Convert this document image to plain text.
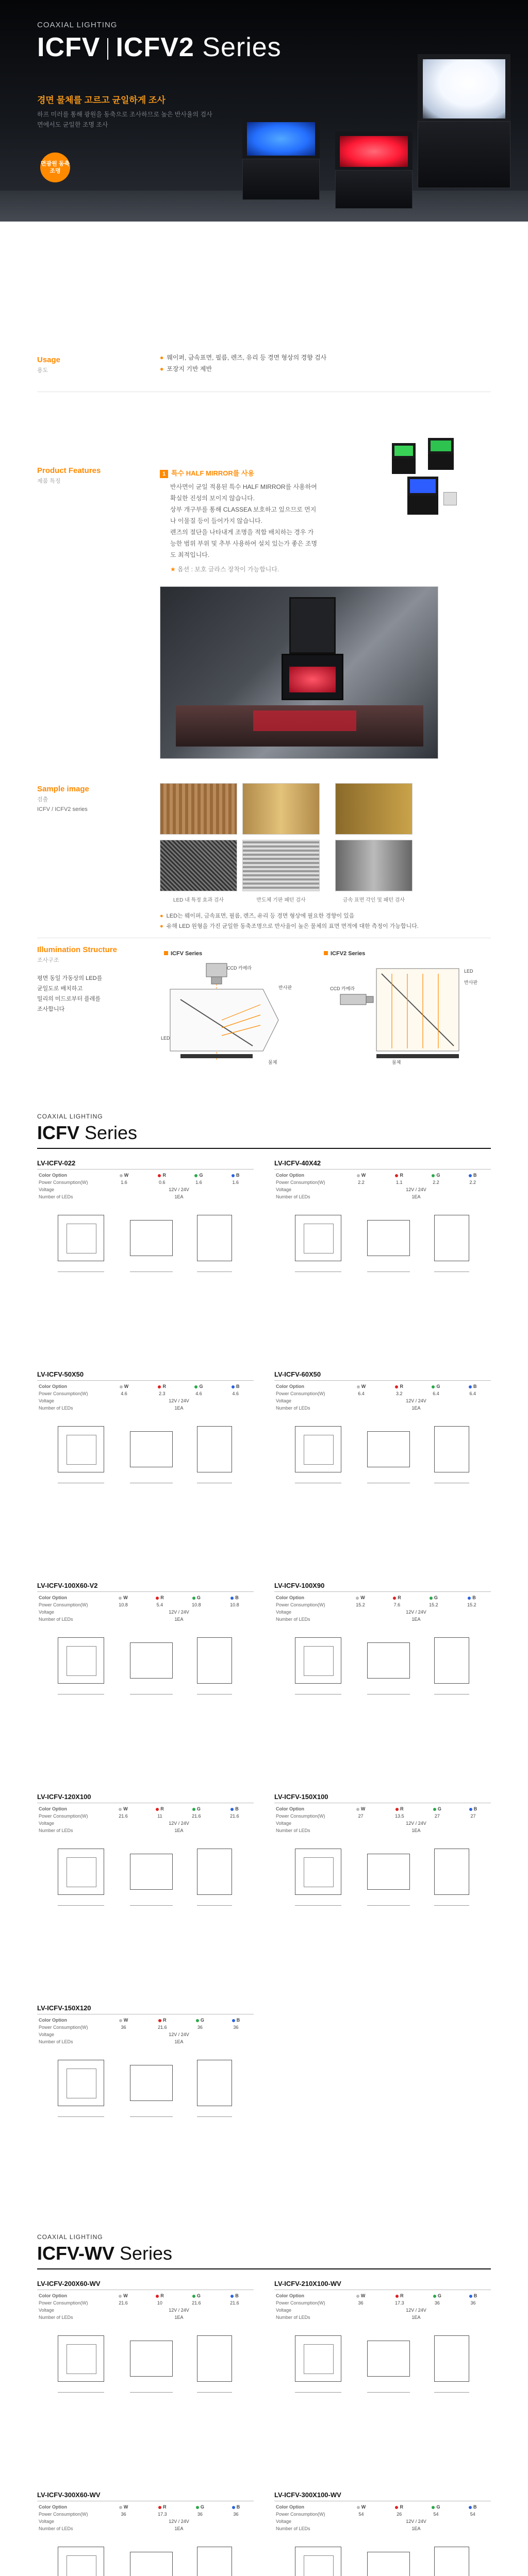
COAXIAL LIGHTING
ICFV ICFV2 Series
경면 물체를 고르고 균일하게 조사
하프 미러를 통해 광원을 동축으로 조사하므로 높은 반사율의 검사면에서도 균일한 조명 조사
면광원 동축조명
Usage
용도
● 웨이퍼, 금속표면, 필름, 렌즈, 유리 등 경면 형상의 경향 검사
● 포장지 기반 제반
Product Features
제품 특징
1 특수 HALF MIRROR를 사용
반사면이 균일 적용된 특수 HALF MIRROR를 사용하여
확실한 진성의 보이지 않습니다.
상부 개구부를 통해 CLASSEA 보호하고 있으므로 먼지
나 이물질 등이 들어가지 않습니다.
렌즈의 절단을 나타내게 조명을 적합 배치하는 경우 가
능한 범위 부위 및 추부 사용하여 설치 있는가 좋은 조명
도 최적입니다.
★ 옵션 : 보호 글라스 장착이 가능합니다.
Sample image
검출
ICFV / ICFV2 series
LED 내 특정 효과 검사	반도체 기판 패턴 검사	금속 표면 각인 및 패턴 검사
● LED는 웨이퍼, 금속표면, 필름, 렌즈, 유리 등 경면 형상에 필요한 경향이 있음
● 유해 LED 원형을 가진 균일한 동축조명으로 반사율이 높은 물체의 표면 면적에 대한 측정이 가능합니다.
Illumination Structure
조사구조
평면 동일 가동상의 LED를
균일도로 배치하고
밀리의 미드로부터 플레를
조사합니다
ICFV Series	ICFV2 Series
CCD 카메라
반사판
LED
물체
CCD 카메라
LED
반사판
물체
COAXIAL LIGHTING
ICFV Series
LV-ICFV-022
Color Option	W	R	G	B
Power Consumption(W)	1.6	0.6	1.6	1.6
Voltage	12V / 24V			
Number of LEDs	1EA			
LV-ICFV-40X42
Color Option	W	R	G	B
Power Consumption(W)	2.2	1.1	2.2	2.2
Voltage	12V / 24V			
Number of LEDs	1EA			
LV-ICFV-50X50
Color Option	W	R	G	B
Power Consumption(W)	4.6	2.3	4.6	4.6
Voltage	12V / 24V			
Number of LEDs	1EA			
LV-ICFV-60X50
Color Option	W	R	G	B
Power Consumption(W)	6.4	3.2	6.4	6.4
Voltage	12V / 24V			
Number of LEDs	1EA			
LV-ICFV-100X60-V2
Color Option	W	R	G	B
Power Consumption(W)	10.8	5.4	10.8	10.8
Voltage	12V / 24V			
Number of LEDs	1EA			
LV-ICFV-100X90
Color Option	W	R	G	B
Power Consumption(W)	15.2	7.6	15.2	15.2
Voltage	12V / 24V			
Number of LEDs	1EA			
LV-ICFV-120X100
Color Option	W	R	G	B
Power Consumption(W)	21.6	11	21.6	21.6
Voltage	12V / 24V			
Number of LEDs	1EA			
LV-ICFV-150X100
Color Option	W	R	G	B
Power Consumption(W)	27	13.5	27	27
Voltage	12V / 24V			
Number of LEDs	1EA			
LV-ICFV-150X120
Color Option	W	R	G	B
Power Consumption(W)	36	21.6	36	36
Voltage	12V / 24V			
Number of LEDs	1EA			
COAXIAL LIGHTING
ICFV-WV Series
LV-ICFV-200X60-WV
Color Option	W	R	G	B
Power Consumption(W)	21.6	10	21.6	21.6
Voltage	12V / 24V			
Number of LEDs	1EA			
LV-ICFV-210X100-WV
Color Option	W	R	G	B
Power Consumption(W)	36	17.3	36	36
Voltage	12V / 24V			
Number of LEDs	1EA			
LV-ICFV-300X60-WV
Color Option	W	R	G	B
Power Consumption(W)	36	17.3	36	36
Voltage	12V / 24V			
Number of LEDs	1EA			
LV-ICFV-300X100-WV
Color Option	W	R	G	B
Power Consumption(W)	54	26	54	54
Voltage	12V / 24V			
Number of LEDs	1EA			
